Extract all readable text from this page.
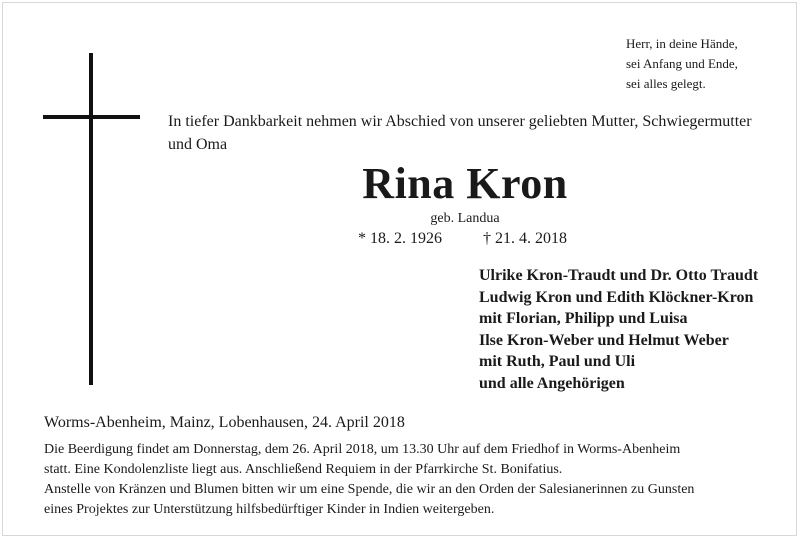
Herr, in deine Hände,
sei Anfang und Ende,
sei alles gelegt.
In tiefer Dankbarkeit nehmen wir Abschied von unserer geliebten Mutter, Schwiegermutter und Oma
Rina Kron
geb. Landua
* 18. 2. 1926	† 21. 4. 2018
Ulrike Kron-Traudt und Dr. Otto Traudt
Ludwig Kron und Edith Klöckner-Kron
mit Florian, Philipp und Luisa
Ilse Kron-Weber und Helmut Weber
mit Ruth, Paul und Uli
und alle Angehörigen
Worms-Abenheim, Mainz, Lobenhausen, 24. April 2018
Die Beerdigung findet am Donnerstag, dem 26. April 2018, um 13.30 Uhr auf dem Friedhof in Worms-Abenheim
statt. Eine Kondolenzliste liegt aus. Anschließend Requiem in der Pfarrkirche St. Bonifatius.
Anstelle von Kränzen und Blumen bitten wir um eine Spende, die wir an den Orden der Salesianerinnen zu Gunsten
eines Projektes zur Unterstützung hilfsbedürftiger Kinder in Indien weitergeben.
